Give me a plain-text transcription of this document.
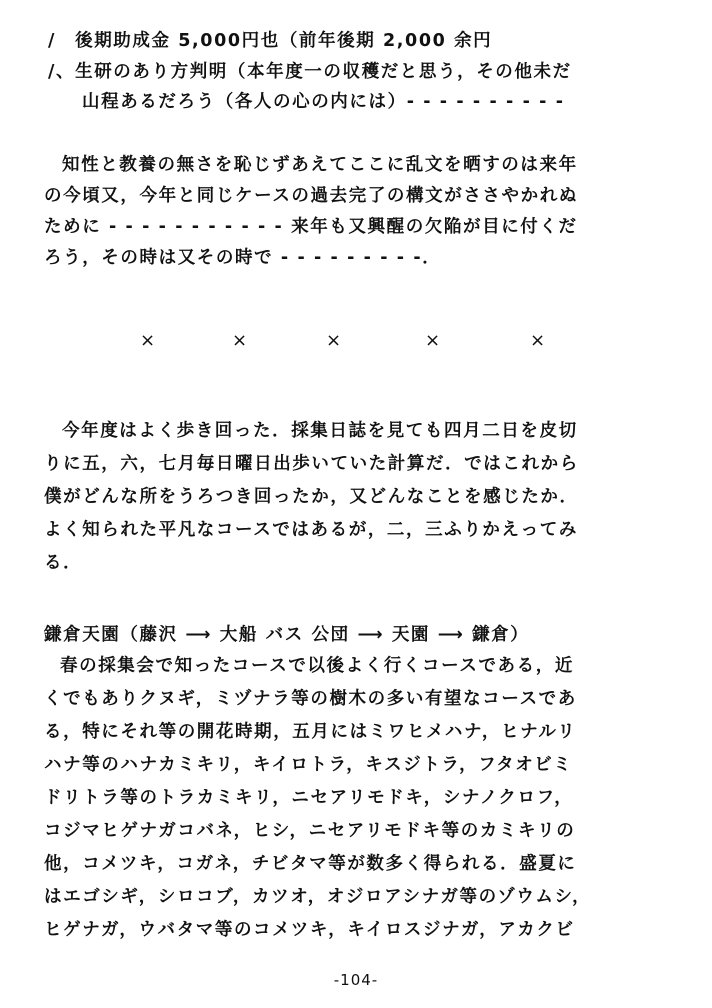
/　後期助成金 5,000円也（前年後期 2,000 余円
/、生研のあり方判明（本年度一の収穫だと思う，その他未だ
山程あるだろう（各人の心の内には）- - - - - - - - - -
知性と教養の無さを恥じずあえてここに乱文を晒すのは来年
の今頃又，今年と同じケースの過去完了の構文がささやかれぬ
ために - - - - - - - - - - - 来年も又興醒の欠陥が目に付くだ
ろう，その時は又その時で - - - - - - - - -．
×	×	×	×	×
今年度はよく歩き回った．採集日誌を見ても四月二日を皮切
りに五，六，七月毎日曜日出歩いていた計算だ．ではこれから
僕がどんな所をうろつき回ったか，又どんなことを感じたか．
よく知られた平凡なコースではあるが，二，三ふりかえってみ
る．
鎌倉天園（藤沢 ⟶ 大船 バス 公団 ⟶ 天園 ⟶ 鎌倉）
春の採集会で知ったコースで以後よく行くコースである，近
くでもありクヌギ，ミヅナラ等の樹木の多い有望なコースであ
る，特にそれ等の開花時期，五月にはミワヒメハナ，ヒナルリ
ハナ等のハナカミキリ，キイロトラ，キスジトラ，フタオビミ
ドリトラ等のトラカミキリ，ニセアリモドキ，シナノクロフ，
コジマヒゲナガコバネ，ヒシ，ニセアリモドキ等のカミキリの
他，コメツキ，コガネ，チビタマ等が数多く得られる．盛夏に
はエゴシギ，シロコブ，カツオ，オジロアシナガ等のゾウムシ，
ヒゲナガ，ウバタマ等のコメツキ，キイロスジナガ，アカクビ
-104-
